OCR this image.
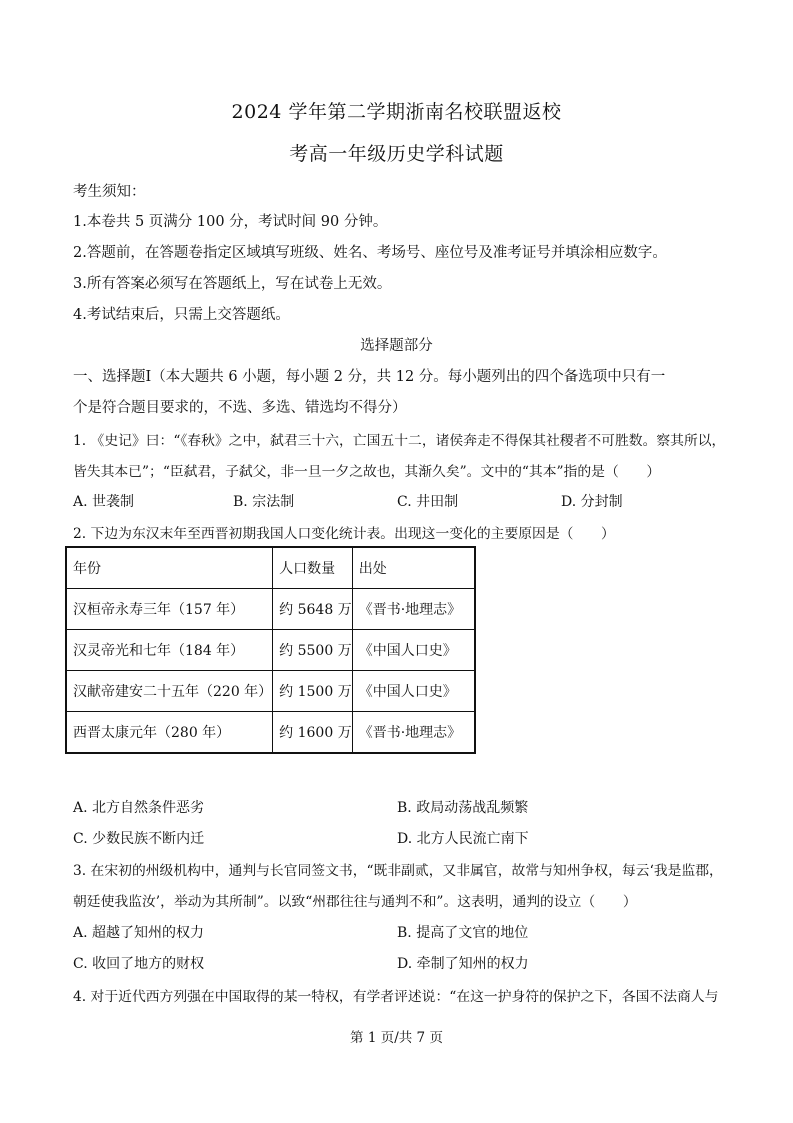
2024 学年第二学期浙南名校联盟返校
考高一年级历史学科试题
考生须知：
1.本卷共 5 页满分 100 分，考试时间 90 分钟。
2.答题前，在答题卷指定区域填写班级、姓名、考场号、座位号及准考证号并填涂相应数字。
3.所有答案必须写在答题纸上，写在试卷上无效。
4.考试结束后，只需上交答题纸。
选择题部分
一、选择题Ⅰ（本大题共 6 小题，每小题 2 分，共 12 分。每小题列出的四个备选项中只有一
个是符合题目要求的，不选、多选、错选均不得分）
1. 《史记》曰：“《春秋》之中，弑君三十六，亡国五十二，诸侯奔走不得保其社稷者不可胜数。察其所以，
皆失其本已”；“臣弑君，子弑父，非一旦一夕之故也，其渐久矣”。文中的“其本”指的是（　　）
A. 世袭制	B. 宗法制	C. 井田制	D. 分封制
2. 下边为东汉末年至西晋初期我国人口变化统计表。出现这一变化的主要原因是（　　）
年份	人口数量	出处
汉桓帝永寿三年（157 年）	约 5648 万	《晋书·地理志》
汉灵帝光和七年（184 年）	约 5500 万	《中国人口史》
汉献帝建安二十五年（220 年）	约 1500 万	《中国人口史》
西晋太康元年（280 年）	约 1600 万	《晋书·地理志》
A. 北方自然条件恶劣	B. 政局动荡战乱频繁
C. 少数民族不断内迁	D. 北方人民流亡南下
3. 在宋初的州级机构中，通判与长官同签文书，“既非副贰，又非属官，故常与知州争权，每云‘我是监郡，
朝廷使我监汝’，举动为其所制”。以致“州郡往往与通判不和”。这表明，通判的设立（　　）
A. 超越了知州的权力	B. 提高了文官的地位
C. 收回了地方的财权	D. 牵制了知州的权力
4. 对于近代西方列强在中国取得的某一特权，有学者评述说：“在这一护身符的保护之下，各国不法商人与
第 1 页/共 7 页
